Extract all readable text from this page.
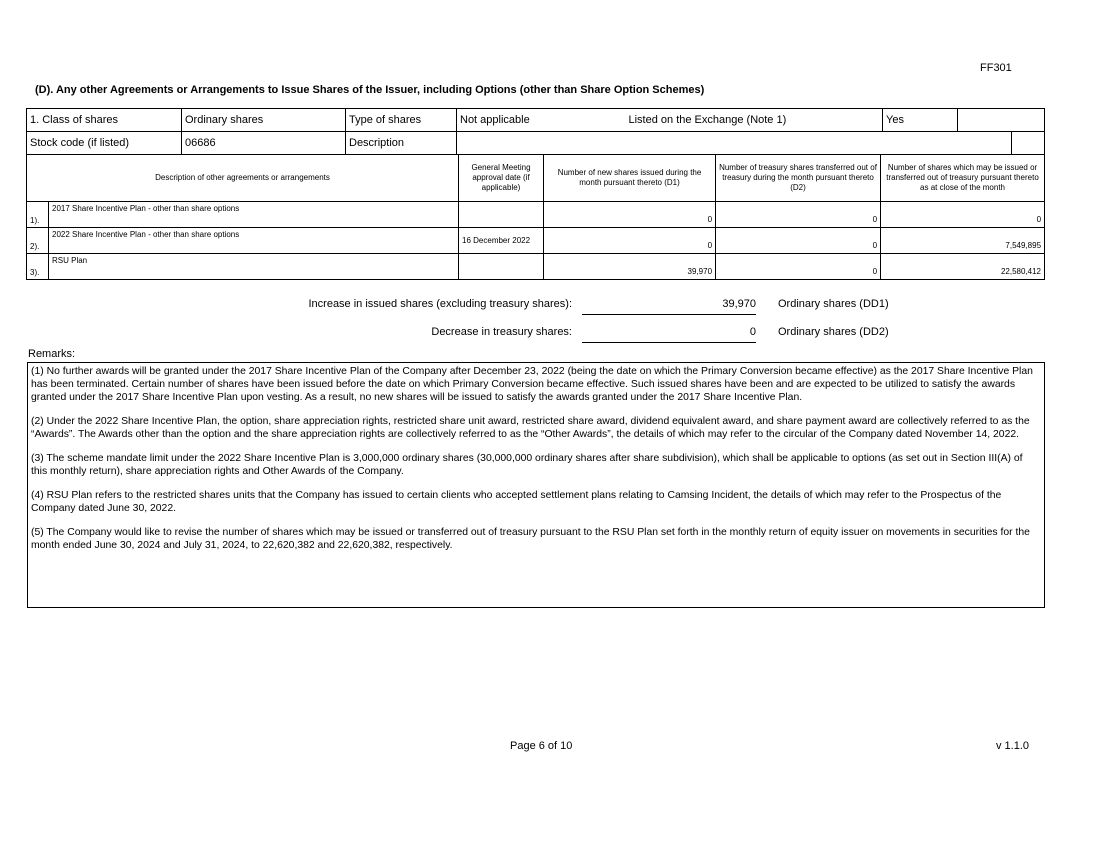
FF301
(D). Any other Agreements or Arrangements to Issue Shares of the Issuer, including Options (other than Share Option Schemes)
1. Class of shares	Ordinary shares	Type of shares	Not applicable	Listed on the Exchange (Note 1)	Yes		
Stock code (if listed)	06686	Description					
Description of other agreements or arrangements		General Meeting approval date (if applicable)	Number of new shares issued during the month pursuant thereto (D1)	Number of treasury shares transferred out of treasury during the month pursuant thereto (D2)	Number of shares which may be issued or transferred out of treasury pursuant thereto as at close of the month
1).	2017 Share Incentive Plan - other than share options		0	0	0
2).	2022 Share Incentive Plan - other than share options	16 December 2022	0	0	7,549,895
3).	RSU Plan		39,970	0	22,580,412
Increase in issued shares (excluding treasury shares):	39,970 Ordinary shares (DD1)
Decrease in treasury shares:	0 Ordinary shares (DD2)
Remarks:

(1) No further awards will be granted under the 2017 Share Incentive Plan of the Company after December 23, 2022 (being the date on which the Primary Conversion became effective) as the 2017 Share Incentive Plan has been terminated. Certain number of shares have been issued before the date on which Primary Conversion became effective. Such issued shares have been and are expected to be utilized to satisfy the awards granted under the 2017 Share Incentive Plan upon vesting. As a result, no new shares will be issued to satisfy the awards granted under the 2017 Share Incentive Plan.

(2) Under the 2022 Share Incentive Plan, the option, share appreciation rights, restricted share unit award, restricted share award, dividend equivalent award, and share payment award are collectively referred to as the “Awards”. The Awards other than the option and the share appreciation rights are collectively referred to as the “Other Awards”, the details of which may refer to the circular of the Company dated November 14, 2022.

(3) The scheme mandate limit under the 2022 Share Incentive Plan is 3,000,000 ordinary shares (30,000,000 ordinary shares after share subdivision), which shall be applicable to options (as set out in Section III(A) of this monthly return), share appreciation rights and Other Awards of the Company.

(4) RSU Plan refers to the restricted shares units that the Company has issued to certain clients who accepted settlement plans relating to Camsing Incident, the details of which may refer to the Prospectus of the Company dated June 30, 2022.

(5) The Company would like to revise the number of shares which may be issued or transferred out of treasury pursuant to the RSU Plan set forth in the monthly return of equity issuer on movements in securities for the month ended June 30, 2024 and July 31, 2024, to 22,620,382 and 22,620,382, respectively.

Page 6 of 10	v 1.1.0
